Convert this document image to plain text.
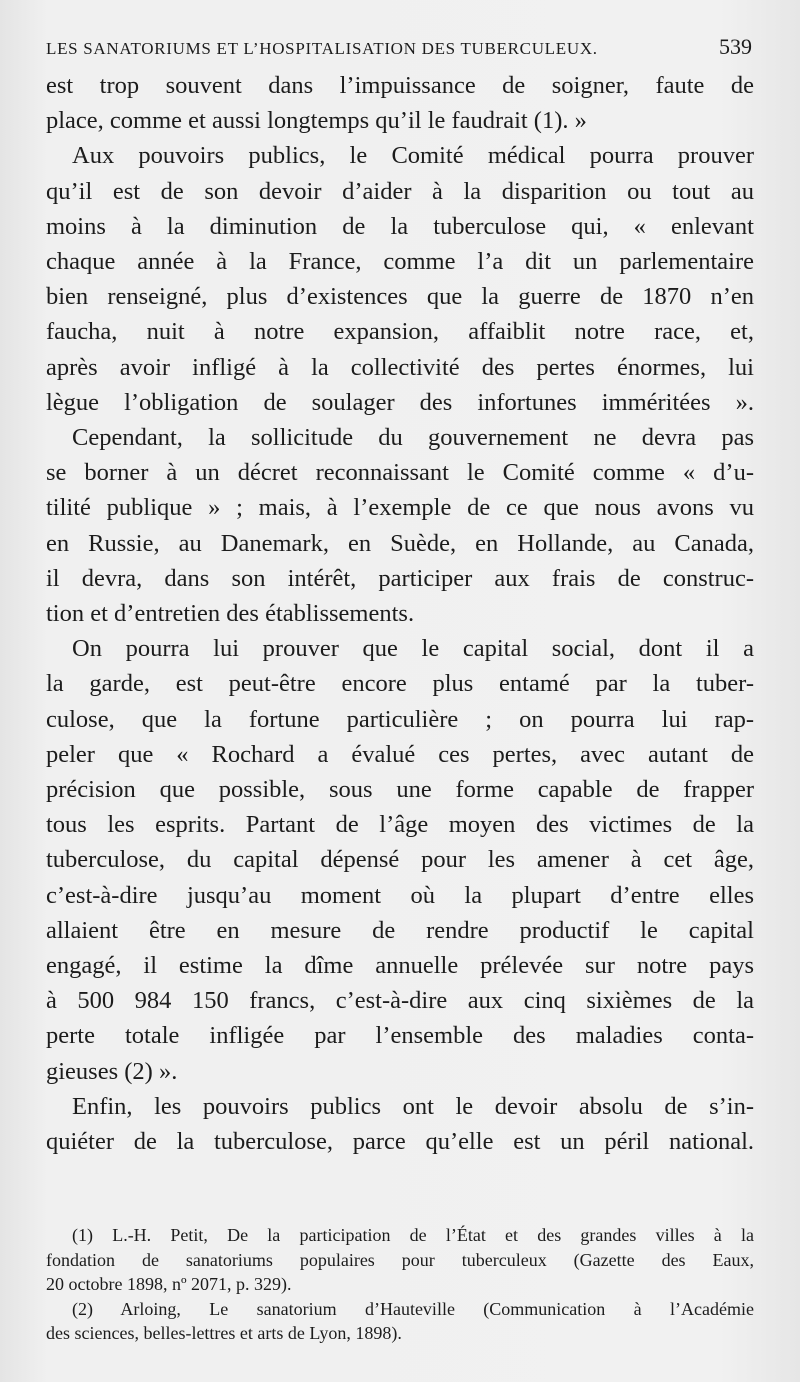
LES SANATORIUMS ET L’HOSPITALISATION DES TUBERCULEUX.	539

est trop souvent dans l’impuissance de soigner, faute de
place, comme et aussi longtemps qu’il le faudrait (1). »

Aux pouvoirs publics, le Comité médical pourra prouver
qu’il est de son devoir d’aider à la disparition ou tout au
moins à la diminution de la tuberculose qui, « enlevant
chaque année à la France, comme l’a dit un parlementaire
bien renseigné, plus d’existences que la guerre de 1870 n’en
faucha, nuit à notre expansion, affaiblit notre race, et,
après avoir infligé à la collectivité des pertes énormes, lui
lègue l’obligation de soulager des infortunes imméritées ».

Cependant, la sollicitude du gouvernement ne devra pas
se borner à un décret reconnaissant le Comité comme « d’u-
tilité publique » ; mais, à l’exemple de ce que nous avons vu
en Russie, au Danemark, en Suède, en Hollande, au Canada,
il devra, dans son intérêt, participer aux frais de construc-
tion et d’entretien des établissements.

On pourra lui prouver que le capital social, dont il a
la garde, est peut-être encore plus entamé par la tuber-
culose, que la fortune particulière ; on pourra lui rap-
peler que « Rochard a évalué ces pertes, avec autant de
précision que possible, sous une forme capable de frapper
tous les esprits. Partant de l’âge moyen des victimes de la
tuberculose, du capital dépensé pour les amener à cet âge,
c’est-à-dire jusqu’au moment où la plupart d’entre elles
allaient être en mesure de rendre productif le capital
engagé, il estime la dîme annuelle prélevée sur notre pays
à 500 984 150 francs, c’est-à-dire aux cinq sixièmes de la
perte totale infligée par l’ensemble des maladies conta-
gieuses (2) ».

Enfin, les pouvoirs publics ont le devoir absolu de s’in-
quiéter de la tuberculose, parce qu’elle est un péril national.

(1) L.-H. Petit, De la participation de l’État et des grandes villes à la
fondation de sanatoriums populaires pour tuberculeux (Gazette des Eaux,
20 octobre 1898, nº 2071, p. 329).

(2) Arloing, Le sanatorium d’Hauteville (Communication à l’Académie
des sciences, belles-lettres et arts de Lyon, 1898).
